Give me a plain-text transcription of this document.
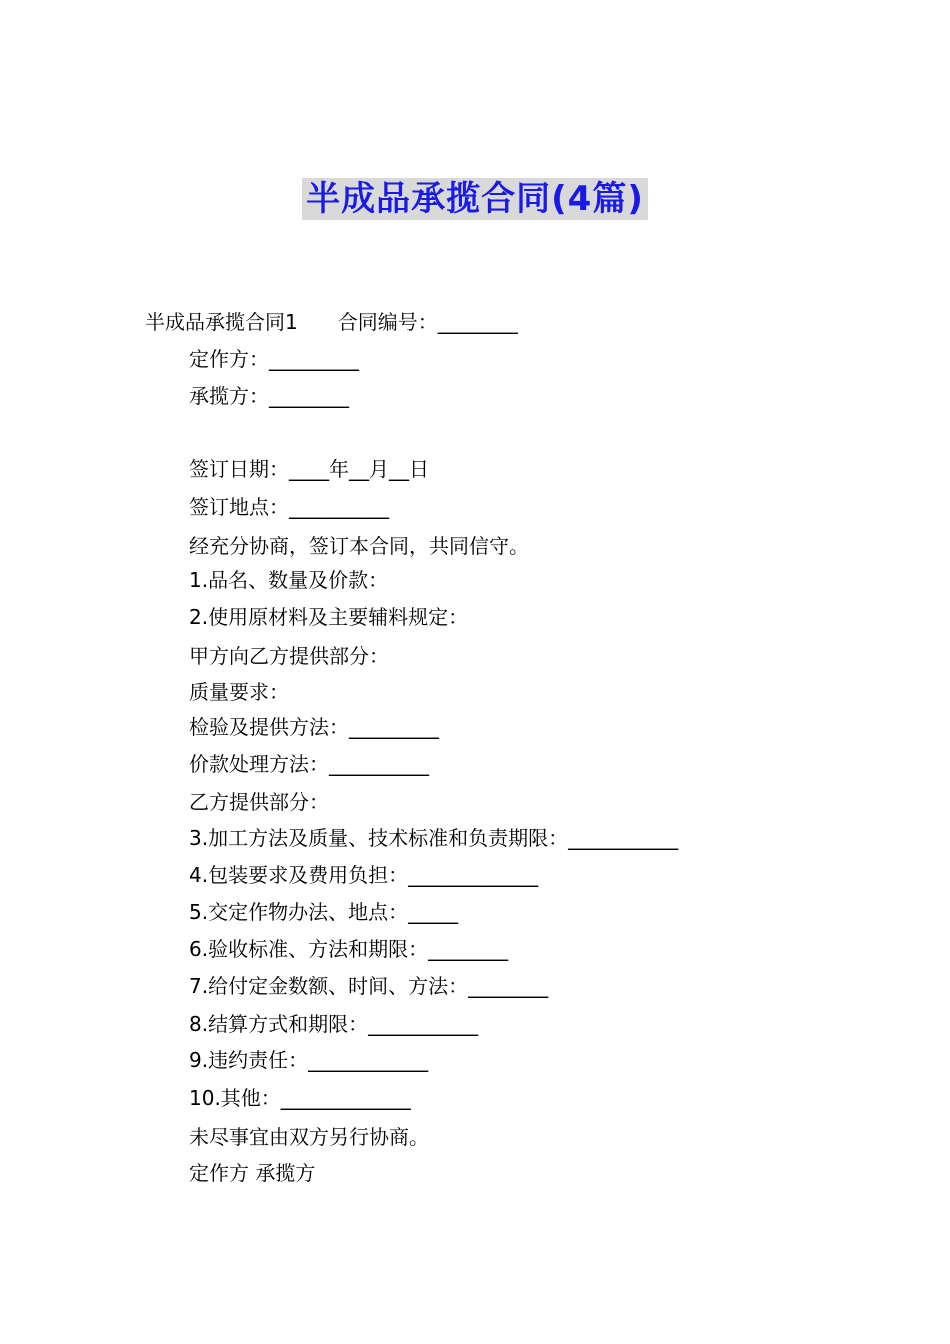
半成品承揽合同(4篇)
半成品承揽合同1　　合同编号：________
定作方：_________
承揽方：________
签订日期：____年__月__日
签订地点：__________
经充分协商，签订本合同，共同信守。
1.品名、数量及价款：
2.使用原材料及主要辅料规定：
甲方向乙方提供部分：
质量要求：
检验及提供方法：_________
价款处理方法：__________
乙方提供部分：
3.加工方法及质量、技术标准和负责期限：___________
4.包装要求及费用负担：_____________
5.交定作物办法、地点：_____
6.验收标准、方法和期限：________
7.给付定金数额、时间、方法：________
8.结算方式和期限：___________
9.违约责任：____________
10.其他：_____________
未尽事宜由双方另行协商。
定作方 承揽方
